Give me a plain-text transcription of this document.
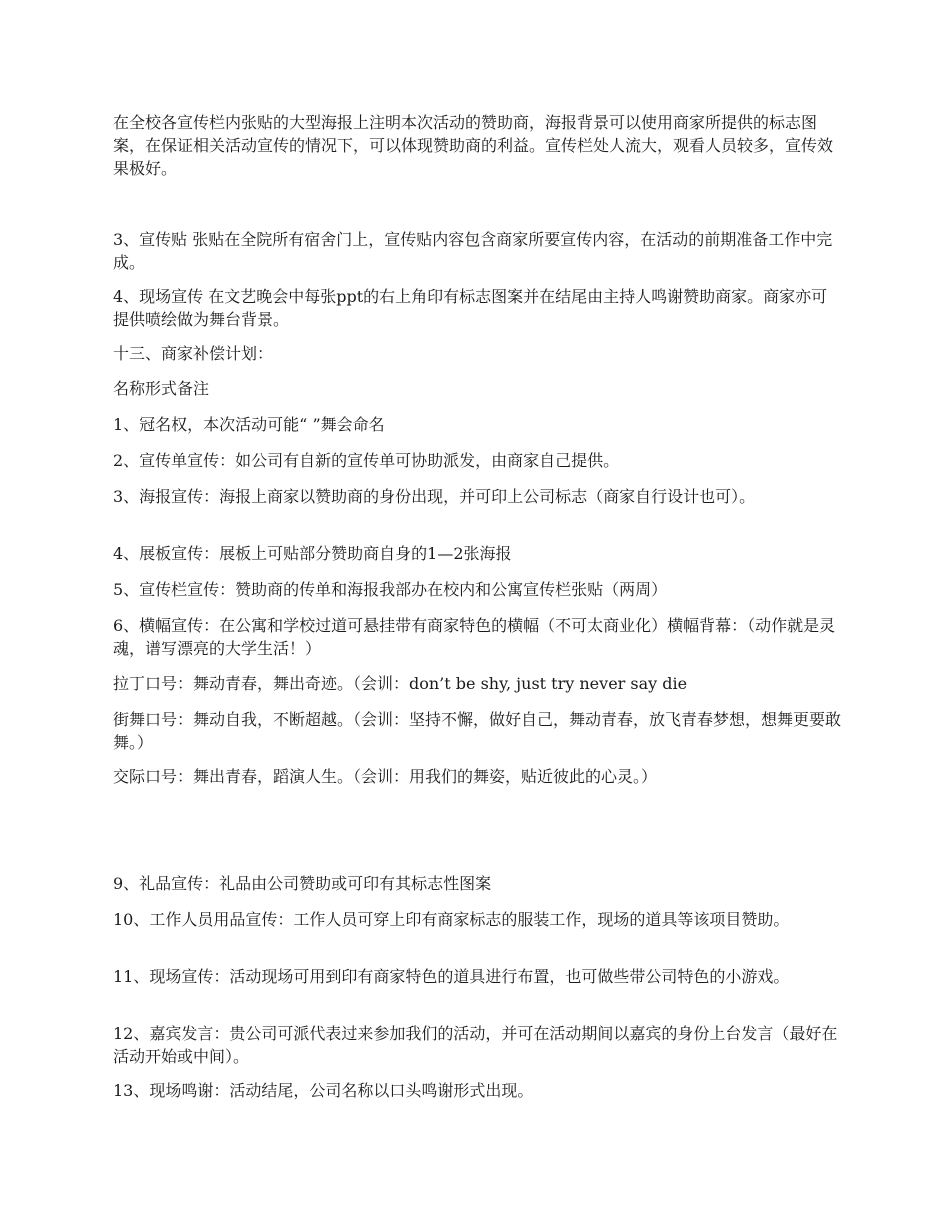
在全校各宣传栏内张贴的大型海报上注明本次活动的赞助商，海报背景可以使用商家所提供的标志图案，在保证相关活动宣传的情况下，可以体现赞助商的利益。宣传栏处人流大，观看人员较多，宣传效果极好。

3、宣传贴 张贴在全院所有宿舍门上，宣传贴内容包含商家所要宣传内容，在活动的前期准备工作中完成。

4、现场宣传 在文艺晚会中每张ppt的右上角印有标志图案并在结尾由主持人鸣谢赞助商家。商家亦可提供喷绘做为舞台背景。

十三、商家补偿计划：

名称形式备注

1、冠名权，本次活动可能“ ”舞会命名

2、宣传单宣传：如公司有自新的宣传单可协助派发，由商家自己提供。

3、海报宣传：海报上商家以赞助商的身份出现，并可印上公司标志（商家自行设计也可）。

4、展板宣传：展板上可贴部分赞助商自身的1—2张海报

5、宣传栏宣传：赞助商的传单和海报我部办在校内和公寓宣传栏张贴（两周）

6、横幅宣传：在公寓和学校过道可悬挂带有商家特色的横幅（不可太商业化）横幅背幕：（动作就是灵魂，谱写漂亮的大学生活！）

拉丁口号：舞动青春，舞出奇迹。（会训：don’t be shy, just try never say die

街舞口号：舞动自我，不断超越。（会训：坚持不懈，做好自己，舞动青春，放飞青春梦想，想舞更要敢舞。）

交际口号：舞出青春，蹈演人生。（会训：用我们的舞姿，贴近彼此的心灵。）

9、礼品宣传：礼品由公司赞助或可印有其标志性图案

10、工作人员用品宣传：工作人员可穿上印有商家标志的服装工作，现场的道具等该项目赞助。

11、现场宣传：活动现场可用到印有商家特色的道具进行布置，也可做些带公司特色的小游戏。

12、嘉宾发言：贵公司可派代表过来参加我们的活动，并可在活动期间以嘉宾的身份上台发言（最好在活动开始或中间）。

13、现场鸣谢：活动结尾，公司名称以口头鸣谢形式出现。
